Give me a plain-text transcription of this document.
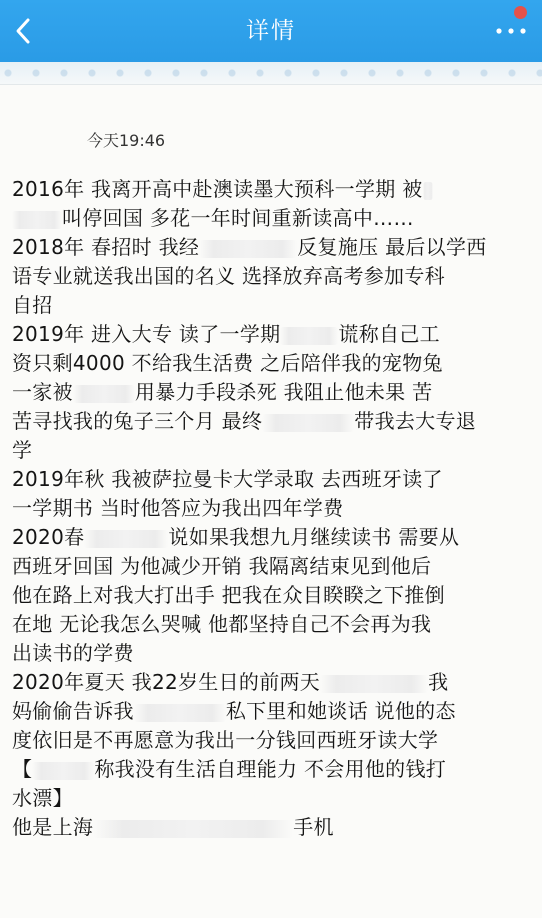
详情
今天19:46
2016年 我离开高中赴澳读墨大预科一学期 被
叫停回国 多花一年时间重新读高中……
2018年 春招时 我经	反复施压 最后以学西
语专业就送我出国的名义 选择放弃高考参加专科
自招
2019年 进入大专 读了一学期	谎称自己工
资只剩4000 不给我生活费 之后陪伴我的宠物兔
一家被	用暴力手段杀死 我阻止他未果 苦
苦寻找我的兔子三个月 最终	带我去大专退
学
2019年秋 我被萨拉曼卡大学录取 去西班牙读了
一学期书 当时他答应为我出四年学费
2020春	说如果我想九月继续读书 需要从
西班牙回国 为他减少开销 我隔离结束见到他后
他在路上对我大打出手 把我在众目睽睽之下推倒
在地 无论我怎么哭喊 他都坚持自己不会再为我
出读书的学费
2020年夏天 我22岁生日的前两天	我
妈偷偷告诉我	私下里和她谈话 说他的态
度依旧是不再愿意为我出一分钱回西班牙读大学
【	称我没有生活自理能力 不会用他的钱打
水漂】
他是上海	手机
